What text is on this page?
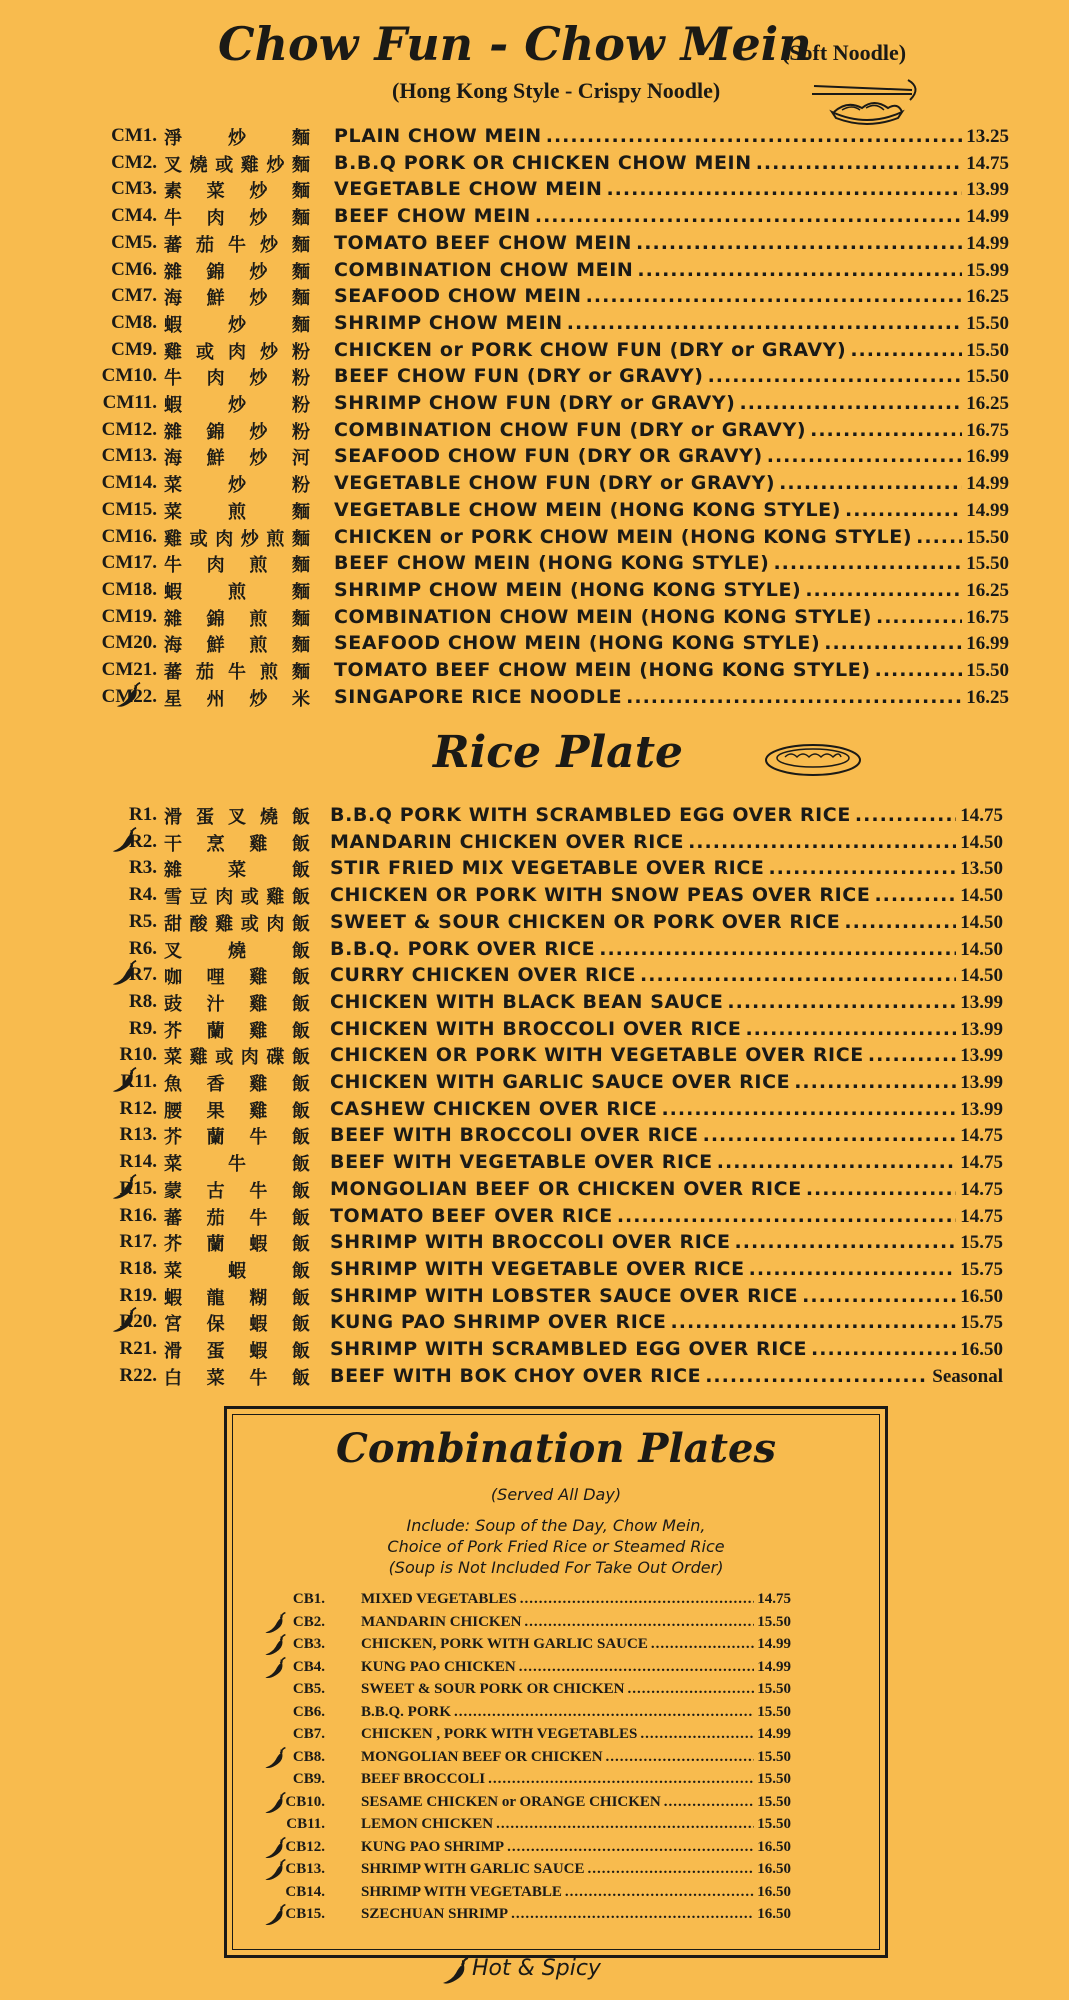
Chow Fun - Chow Mein
(Soft Noodle)
(Hong Kong Style - Crispy Noodle)
CM1. 淨	炒	麵 PLAIN CHOW MEIN .....	13.25
CM2. 叉 燒 或 雞 炒 麵 B.B.Q PORK OR CHICKEN CHOW MEIN .....	14.75
CM3. 素 菜 炒 麵 VEGETABLE CHOW MEIN .....	13.99
CM4. 牛 肉 炒 麵 BEEF CHOW MEIN .....	14.99
CM5. 蕃 茄 牛 炒 麵 TOMATO BEEF CHOW MEIN .....	14.99
CM6. 雜 錦 炒 麵 COMBINATION CHOW MEIN .....	15.99
CM7. 海 鮮 炒 麵 SEAFOOD CHOW MEIN .....	16.25
CM8. 蝦	炒	麵 SHRIMP CHOW MEIN .....	15.50
CM9. 雞 或 肉 炒 粉 CHICKEN or PORK CHOW FUN (DRY or GRAVY) .....	15.50
CM10. 牛 肉 炒 粉 BEEF CHOW FUN (DRY or GRAVY) .....	15.50
CM11. 蝦	炒	粉 SHRIMP CHOW FUN (DRY or GRAVY) .....	16.25
CM12. 雜 錦 炒 粉 COMBINATION CHOW FUN (DRY or GRAVY) .....	16.75
CM13. 海 鮮 炒 河 SEAFOOD CHOW FUN (DRY OR GRAVY) .....	16.99
CM14. 菜	炒	粉 VEGETABLE CHOW FUN (DRY or GRAVY) .....	14.99
CM15. 菜	煎	麵 VEGETABLE CHOW MEIN (HONG KONG STYLE) .....	14.99
CM16. 雞 或 肉 炒 煎 麵 CHICKEN or PORK CHOW MEIN (HONG KONG STYLE) .....	15.50
CM17. 牛 肉 煎 麵 BEEF CHOW MEIN (HONG KONG STYLE) .....	15.50
CM18. 蝦	煎	麵 SHRIMP CHOW MEIN (HONG KONG STYLE) .....	16.25
CM19. 雜 錦 煎 麵 COMBINATION CHOW MEIN (HONG KONG STYLE) .....	16.75
CM20. 海 鮮 煎 麵 SEAFOOD CHOW MEIN (HONG KONG STYLE) .....	16.99
CM21. 蕃 茄 牛 煎 麵 TOMATO BEEF CHOW MEIN (HONG KONG STYLE) .....	15.50
CM22. 星 州 炒 米 SINGAPORE RICE NOODLE .....	16.25
Rice Plate
R1. 滑 蛋 叉 燒 飯 B.B.Q PORK WITH SCRAMBLED EGG OVER RICE .....	14.75
R2. 干 烹 雞 飯 MANDARIN CHICKEN OVER RICE .....	14.50
R3. 雜	菜	飯 STIR FRIED MIX VEGETABLE OVER RICE .....	13.50
R4. 雪 豆 肉 或 雞 飯 CHICKEN OR PORK WITH SNOW PEAS OVER RICE .....	14.50
R5. 甜 酸 雞 或 肉 飯 SWEET & SOUR CHICKEN OR PORK OVER RICE .....	14.50
R6. 叉	燒	飯 B.B.Q. PORK OVER RICE .....	14.50
R7. 咖 哩 雞 飯 CURRY CHICKEN OVER RICE .....	14.50
R8. 豉 汁 雞 飯 CHICKEN WITH BLACK BEAN SAUCE .....	13.99
R9. 芥 蘭 雞 飯 CHICKEN WITH BROCCOLI OVER RICE .....	13.99
R10. 菜 雞 或 肉 碟 飯 CHICKEN OR PORK WITH VEGETABLE OVER RICE .....	13.99
R11. 魚 香 雞 飯 CHICKEN WITH GARLIC SAUCE OVER RICE .....	13.99
R12. 腰 果 雞 飯 CASHEW CHICKEN OVER RICE .....	13.99
R13. 芥 蘭 牛 飯 BEEF WITH BROCCOLI OVER RICE .....	14.75
R14. 菜	牛	飯 BEEF WITH VEGETABLE OVER RICE .....	14.75
R15. 蒙 古 牛 飯 MONGOLIAN BEEF OR CHICKEN OVER RICE .....	14.75
R16. 蕃 茄 牛 飯 TOMATO BEEF OVER RICE .....	14.75
R17. 芥 蘭 蝦 飯 SHRIMP WITH BROCCOLI OVER RICE .....	15.75
R18. 菜	蝦	飯 SHRIMP WITH VEGETABLE OVER RICE .....	15.75
R19. 蝦 龍 糊 飯 SHRIMP WITH LOBSTER SAUCE OVER RICE .....	16.50
R20. 宮 保 蝦 飯 KUNG PAO SHRIMP OVER RICE .....	15.75
R21. 滑 蛋 蝦 飯 SHRIMP WITH SCRAMBLED EGG OVER RICE .....	16.50
R22. 白 菜 牛 飯 BEEF WITH BOK CHOY OVER RICE .....	Seasonal
Combination Plates
(Served All Day)
Include: Soup of the Day, Chow Mein,
Choice of Pork Fried Rice or Steamed Rice
(Soup is Not Included For Take Out Order)
CB1. MIXED VEGETABLES .....	14.75
CB2. MANDARIN CHICKEN .....	15.50
CB3. CHICKEN, PORK WITH GARLIC SAUCE .....	14.99
CB4. KUNG PAO CHICKEN .....	14.99
CB5. SWEET & SOUR PORK OR CHICKEN .....	15.50
CB6. B.B.Q. PORK .....	15.50
CB7. CHICKEN , PORK WITH VEGETABLES .....	14.99
CB8. MONGOLIAN BEEF OR CHICKEN .....	15.50
CB9. BEEF BROCCOLI .....	15.50
CB10. SESAME CHICKEN or ORANGE CHICKEN .....	15.50
CB11. LEMON CHICKEN .....	15.50
CB12. KUNG PAO SHRIMP .....	16.50
CB13. SHRIMP WITH GARLIC SAUCE .....	16.50
CB14. SHRIMP WITH VEGETABLE .....	16.50
CB15. SZECHUAN SHRIMP .....	16.50
Hot & Spicy
